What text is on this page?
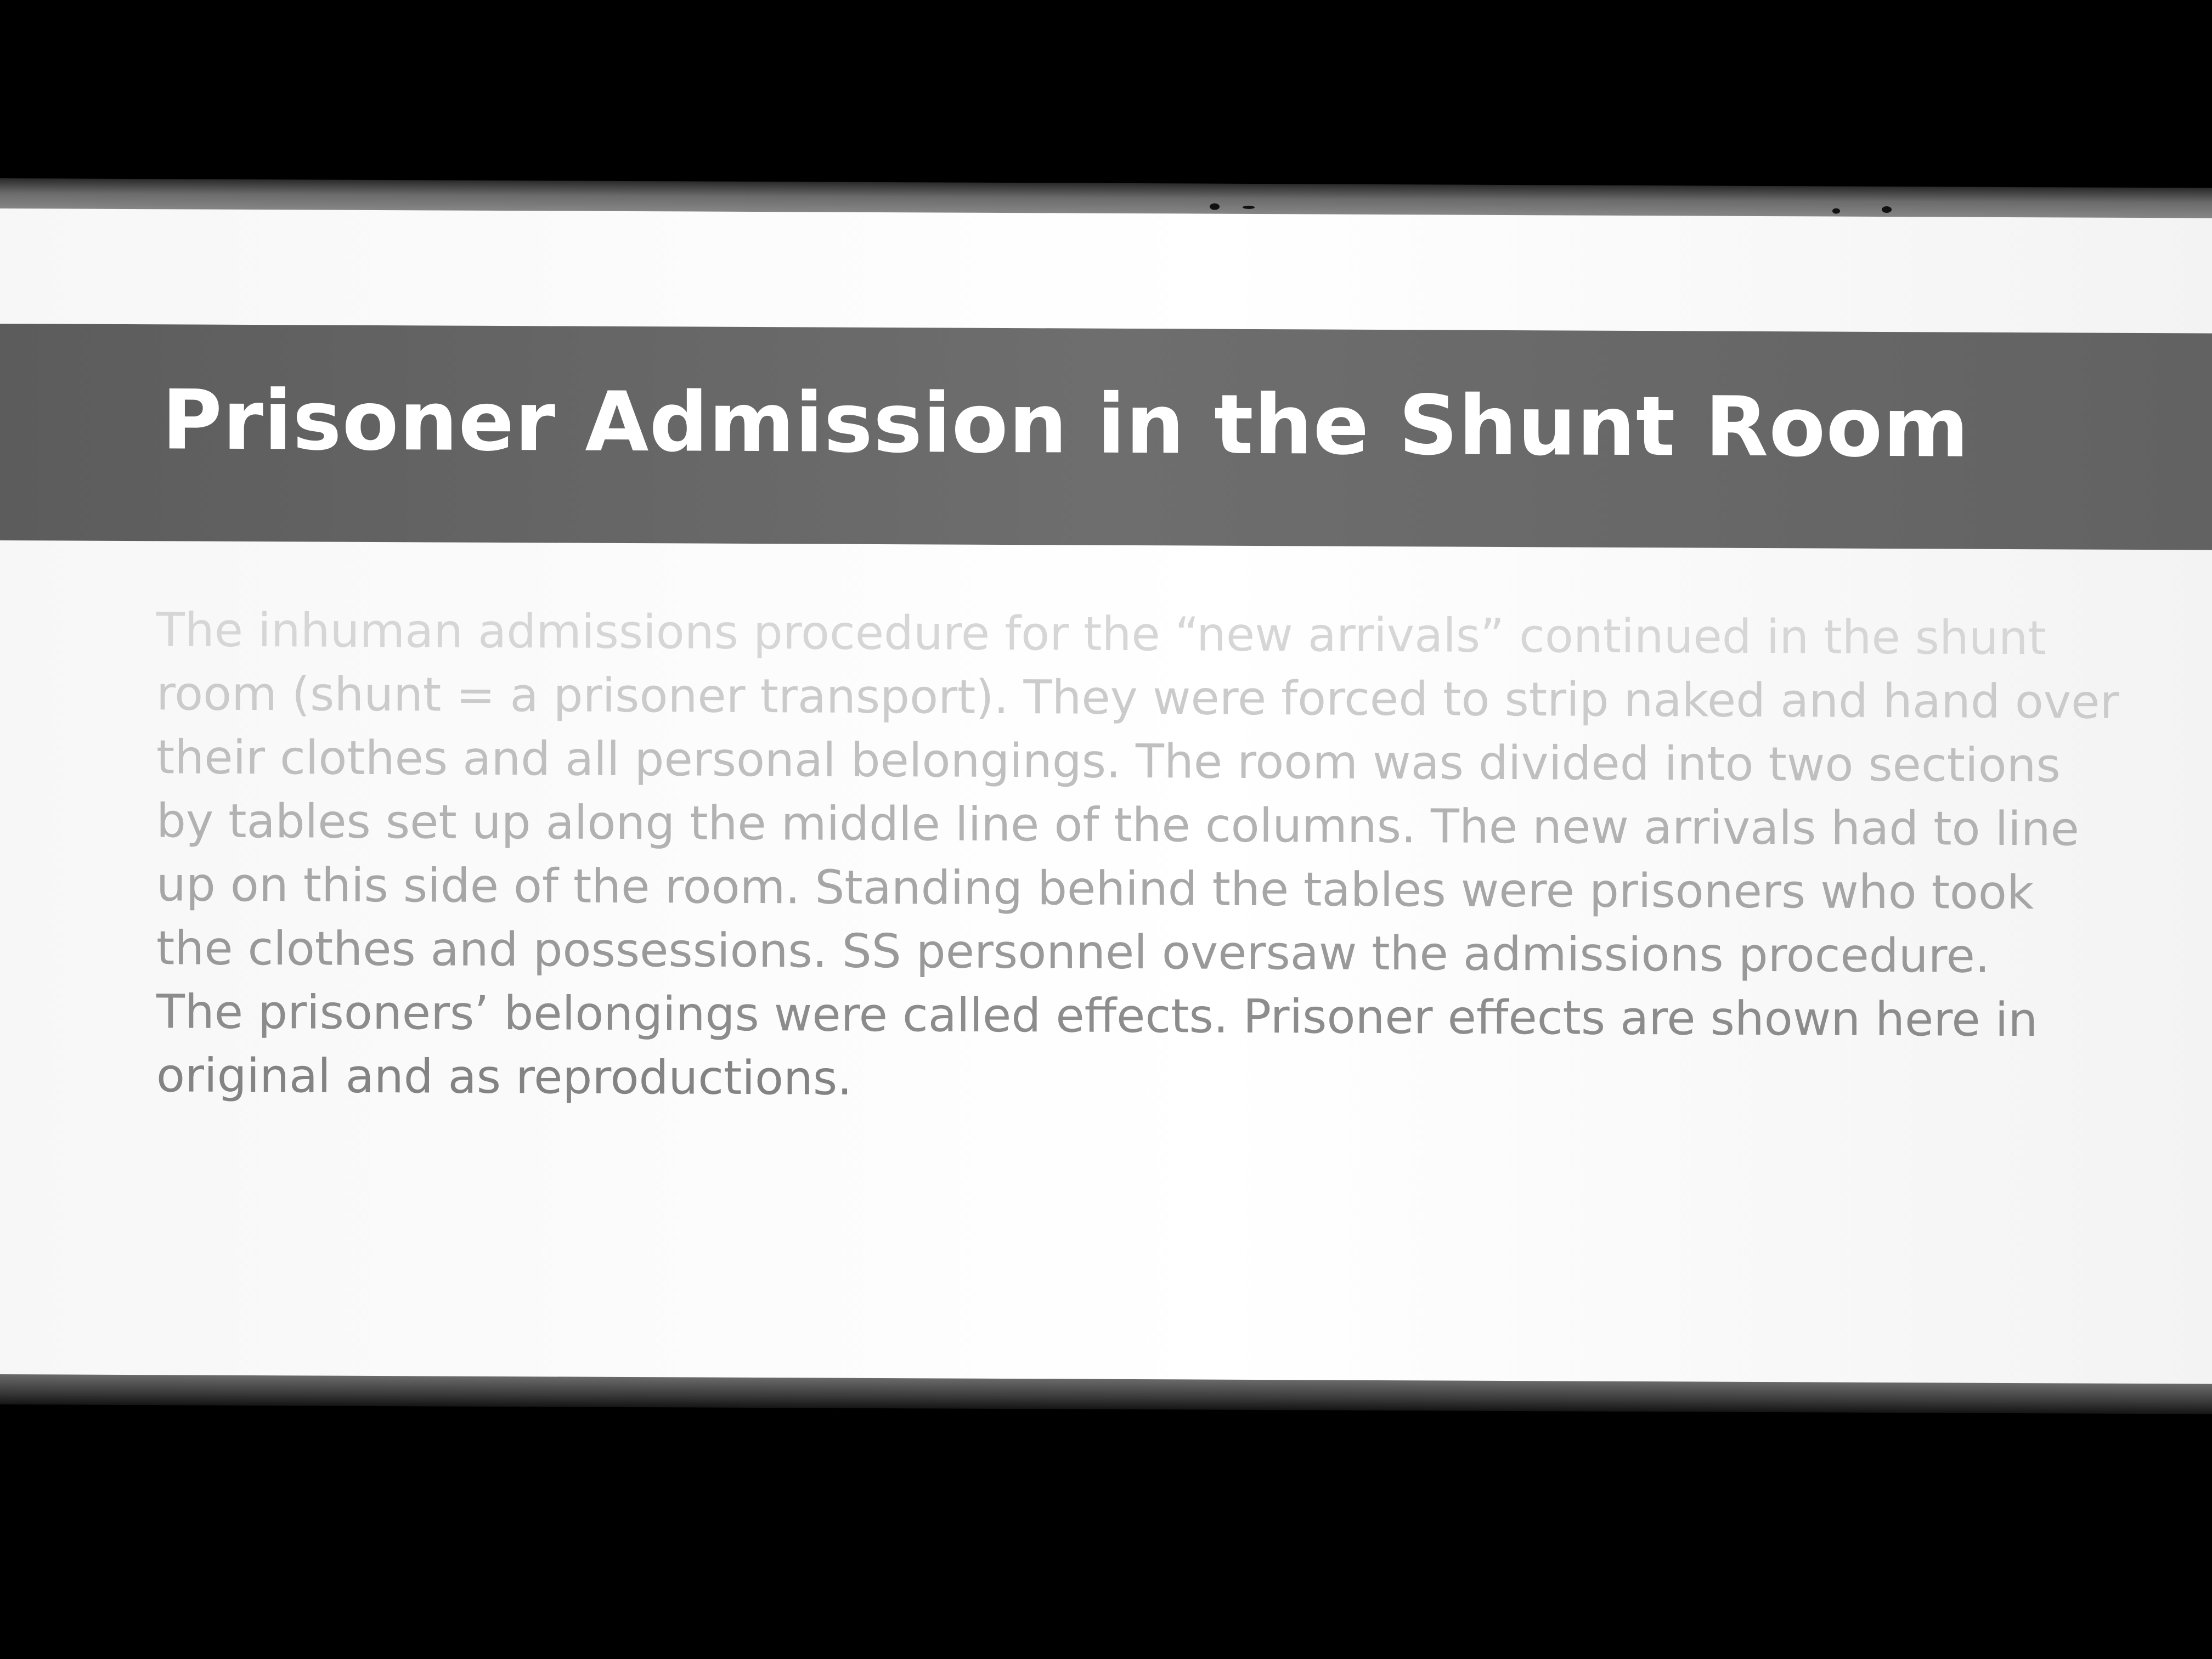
Prisoner Admission in the Shunt Room

The inhuman admissions procedure for the “new arrivals” continued in the shunt
room (shunt = a prisoner transport). They were forced to strip naked and hand over
their clothes and all personal belongings. The room was divided into two sections
by tables set up along the middle line of the columns. The new arrivals had to line
up on this side of the room. Standing behind the tables were prisoners who took
the clothes and possessions. SS personnel oversaw the admissions procedure.
The prisoners’ belongings were called effects. Prisoner effects are shown here in
original and as reproductions.
